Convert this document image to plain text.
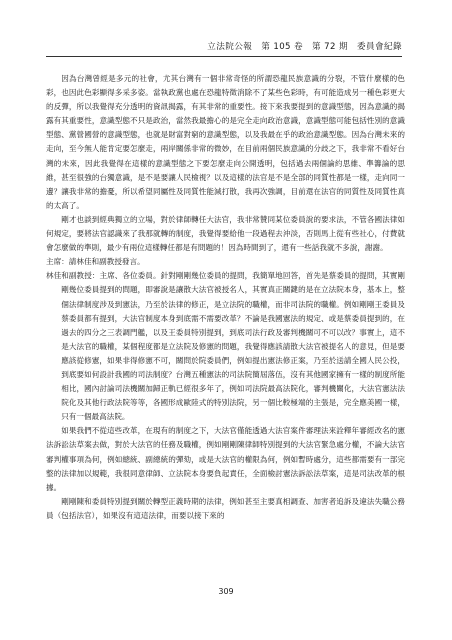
立法院公報　第 105 卷　第 72 期　委員會紀錄

因為台灣曾經是多元的社會，尤其台灣有一個非常奇怪的所謂恐龍民族意識的分裂，不管什麼樣的色彩，也因此色彩顯得多采多姿。當執政黨也處在恐龍特徵消除不了某些色彩時，有可能造成另一種色彩更大的反彈，所以我覺得充分透明的資訊揭露，有其非常的重要性。接下來我要提到的意識型態，因為意識的揭露有其重要性，意識型態不只是政治，當然我最擔心的是完全走向政治意識，意識型態可能包括性別的意識型態、黨營國營的意識型態，也就是財富對窮的意識型態，以及我最在乎的政治意識型態。因為台灣未來的走向，至今無人能肯定要怎麼走，兩岸關係非常的微妙，在目前兩個民族意識的分歧之下，我非常不看好台灣的未來，因此我覺得在這樣的意識型態之下要怎麼走向公開透明，包括過去兩個論約思維、準籌論的思維，甚至很強的台獨意識，是不是要讓人民檢視？以及這樣的法官是不是全部的同質性都是一樣，走向同一邊？讓我非常的擔憂，所以希望同屬性及同質性能減打散，我再次強調，目前還在法官的同質性及同質性真的太高了。

剛才也談到經典獨立的立場，對於律師轉任大法官，我非常贊同某位委員說的要求法，不管各國法律如何規定，要將法官認識來了我那就轉的制度，我覺得要給他一段過程去沖淡，否則馬上從有些社心，付費就會怎麼做的準則，最少有兩位這樣轉任都是有問題的！因為時間到了，還有一些話我就不多說，謝謝。

主席：請林佳和副教授發言。

林佳和副教授：主席、各位委員。針對剛剛幾位委員的提問，我簡單地回答，首先是蔡委員的提問，其實剛剛幾位委員提到的問題，即審說是讓散大法官被授名人，其實真正關鍵的是在立法院本身，基本上，整個法律制度涉及到憲法，乃至於法律的修正，是立法院的職權，而非司法院的職權。例如剛剛王委員及蔡委員都有提到，大法官制度本身到底需不需要改革？不論是我國憲法的規定、或是蔡委員提到的，在過去的四分之三表調門艦，以及王委員特別提到，到底司法行政及審判機關可不可以改？事實上，這不是大法官的職權，某個程度都是立法院及修憲的問題，我覺得應該請散大法官被提名人的意見，但是要應該從修憲，如果非得修憲不可，關問於院委員們，例如提出憲法修正案，乃至於送請全國人民公投，到底要如何設計我國的司法制度？台灣五種憲法的司法院簡屆落伍，沒有其他國家擁有一樣的制度所能相比，國內討論司法機關加歸正軌已經很多年了，例如司法院最高法院化，審判機關化，大法官憲法法院化及其他行政法院等等，各國形成歐陸式的特別法院，另一個比較極端的主張是，完全應美國一樣，只有一個最高法院。

如果我們不從這些改革，在現有的制度之下，大法官僅能透過大法官案件審理法來詮釋年審經改名的憲法訴訟法草案去做，對於大法官的任務及職權，例如剛剛陳律師特別提到的大法官緊急處分權，不論大法官審判權事項為何，例如總統、副總統的彈劾，或是大法官的權限為何，例如暫時處分，這些都需要有一部完整的法律加以規範，我很同意律師、立法院本身要負起責任，全面檢討憲法訴訟法草案，這是司法改革的根據。

剛剛陳和委員特別提到關於轉型正義時期的法律，例如甚至主要真相調查、加害者追訴及違法失職公務員（包括法官），如果沒有這這法律，而要以接下來的

309
